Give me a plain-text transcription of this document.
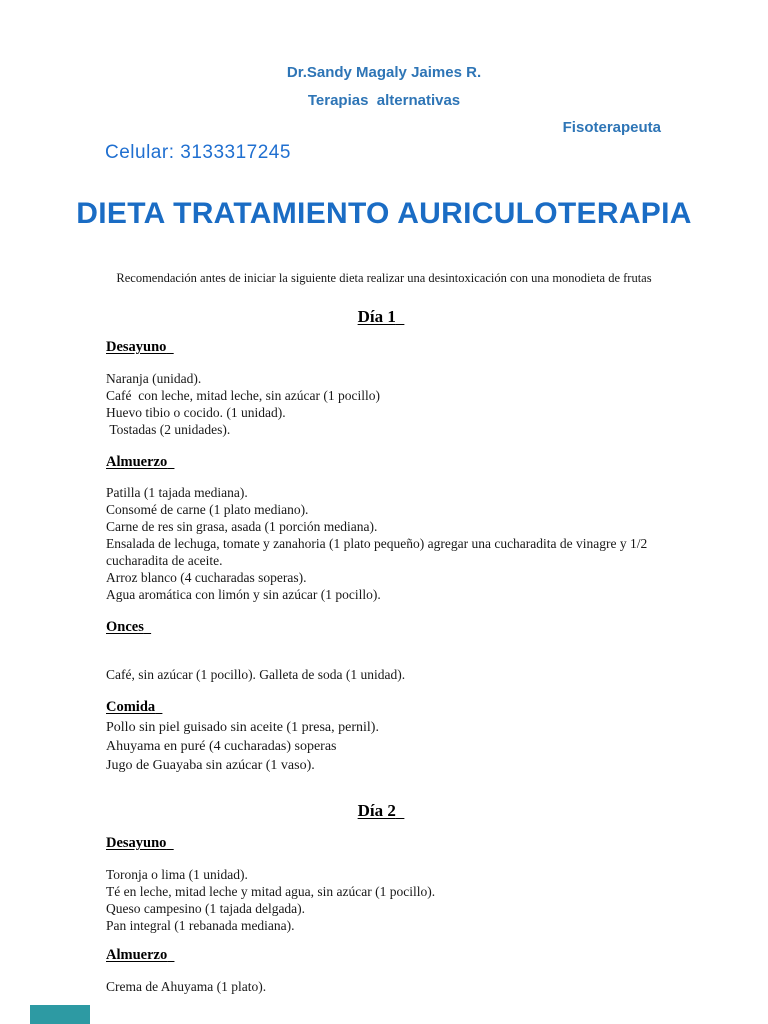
Dr.Sandy Magaly Jaimes R.
Terapias  alternativas
Fisoterapeuta
Celular: 3133317245
DIETA TRATAMIENTO AURICULOTERAPIA
Recomendación antes de iniciar la siguiente dieta realizar una desintoxicación con una monodieta de frutas
Día 1
Desayuno

Naranja (unidad).

Café  con leche, mitad leche, sin azúcar (1 pocillo)

Huevo tibio o cocido. (1 unidad).

Tostadas (2 unidades).

Almuerzo

Patilla (1 tajada mediana).

Consomé de carne (1 plato mediano).

Carne de res sin grasa, asada (1 porción mediana).

Ensalada de lechuga, tomate y zanahoria (1 plato pequeño) agregar una cucharadita de vinagre y 1/2 cucharadita de aceite.

Arroz blanco (4 cucharadas soperas).

Agua aromática con limón y sin azúcar (1 pocillo).

Onces

Café, sin azúcar (1 pocillo). Galleta de soda (1 unidad).

Comida

Pollo sin piel guisado sin aceite (1 presa, pernil).

Ahuyama en puré (4 cucharadas) soperas

Jugo de Guayaba sin azúcar (1 vaso).

Día 2
Desayuno

Toronja o lima (1 unidad).

Té en leche, mitad leche y mitad agua, sin azúcar (1 pocillo).

Queso campesino (1 tajada delgada).

Pan integral (1 rebanada mediana).

Almuerzo

Crema de Ahuyama (1 plato).
